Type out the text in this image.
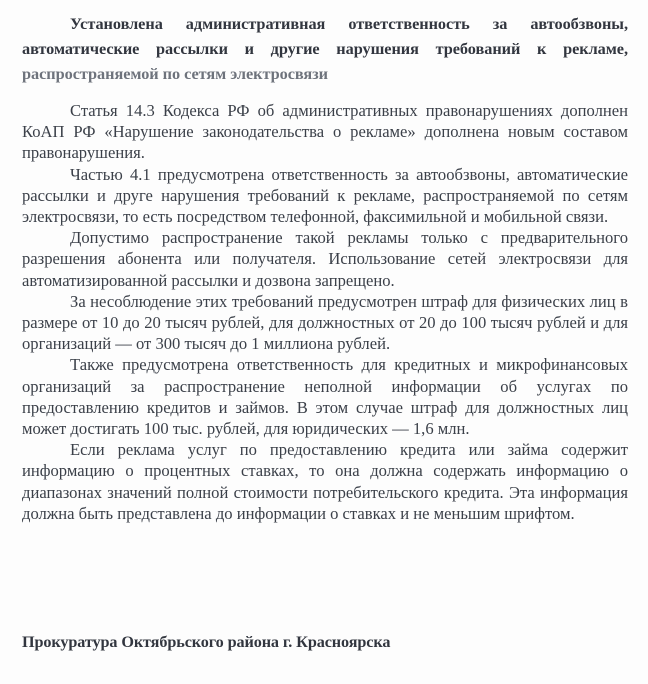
Установлена административная ответственность за автообзвоны, автоматические рассылки и другие нарушения требований к рекламе, распространяемой по сетям электросвязи

Статья 14.3 Кодекса РФ об административных правонарушениях дополнен КоАП РФ «Нарушение законодательства о рекламе» дополнена новым составом правонарушения.

Частью 4.1 предусмотрена ответственность за автообзвоны, автоматические рассылки и друге нарушения требований к рекламе, распространяемой по сетям электросвязи, то есть посредством телефонной, факсимильной и мобильной связи.

Допустимо распространение такой рекламы только с предварительного разрешения абонента или получателя. Использование сетей электросвязи для автоматизированной рассылки и дозвона запрещено.

За несоблюдение этих требований предусмотрен штраф для физических лиц в размере от 10 до 20 тысяч рублей, для должностных от 20 до 100 тысяч рублей и для организаций — от 300 тысяч до 1 миллиона рублей.

Также предусмотрена ответственность для кредитных и микрофинансовых организаций за распространение неполной информации об услугах по предоставлению кредитов и займов. В этом случае штраф для должностных лиц может достигать 100 тыс. рублей, для юридических — 1,6 млн.

Если реклама услуг по предоставлению кредита или займа содержит информацию о процентных ставках, то она должна содержать информацию о диапазонах значений полной стоимости потребительского кредита. Эта информация должна быть представлена до информации о ставках и не меньшим шрифтом.

Прокуратура Октябрьского района г. Красноярска
